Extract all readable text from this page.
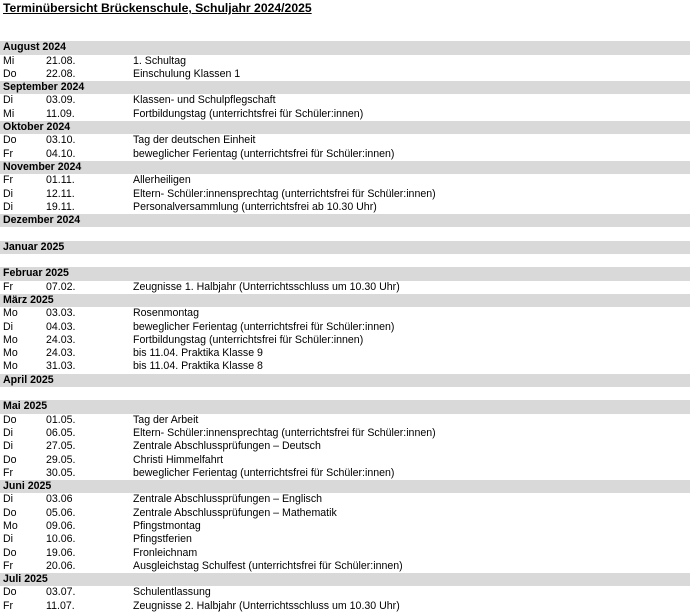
Terminübersicht Brückenschule, Schuljahr 2024/2025
August 2024
Mi	21.08.	1. Schultag
Do	22.08.	Einschulung Klassen 1
September 2024
Di	03.09.	Klassen- und Schulpflegschaft
Mi	11.09.	Fortbildungstag (unterrichtsfrei für Schüler:innen)
Oktober 2024
Do	03.10.	Tag der deutschen Einheit
Fr	04.10.	beweglicher Ferientag (unterrichtsfrei für Schüler:innen)
November 2024
Fr	01.11.	Allerheiligen
Di	12.11.	Eltern- Schüler:innensprechtag (unterrichtsfrei für Schüler:innen)
Di	19.11.	Personalversammlung (unterrichtsfrei ab 10.30 Uhr)
Dezember 2024
Januar 2025
Februar 2025
Fr	07.02.	Zeugnisse 1. Halbjahr (Unterrichtsschluss um 10.30 Uhr)
März 2025
Mo	03.03.	Rosenmontag
Di	04.03.	beweglicher Ferientag (unterrichtsfrei für Schüler:innen)
Mo	24.03.	Fortbildungstag (unterrichtsfrei für Schüler:innen)
Mo	24.03.	bis 11.04. Praktika Klasse 9
Mo	31.03.	bis 11.04. Praktika Klasse 8
April 2025
Mai 2025
Do	01.05.	Tag der Arbeit
Di	06.05.	Eltern- Schüler:innensprechtag (unterrichtsfrei für Schüler:innen)
Di	27.05.	Zentrale Abschlussprüfungen – Deutsch
Do	29.05.	Christi Himmelfahrt
Fr	30.05.	beweglicher Ferientag (unterrichtsfrei für Schüler:innen)
Juni 2025
Di	03.06	Zentrale Abschlussprüfungen – Englisch
Do	05.06.	Zentrale Abschlussprüfungen – Mathematik
Mo	09.06.	Pfingstmontag
Di	10.06.	Pfingstferien
Do	19.06.	Fronleichnam
Fr	20.06.	Ausgleichstag Schulfest (unterrichtsfrei für Schüler:innen)
Juli 2025
Do	03.07.	Schulentlassung
Fr	11.07.	Zeugnisse 2. Halbjahr (Unterrichtsschluss um 10.30 Uhr)
